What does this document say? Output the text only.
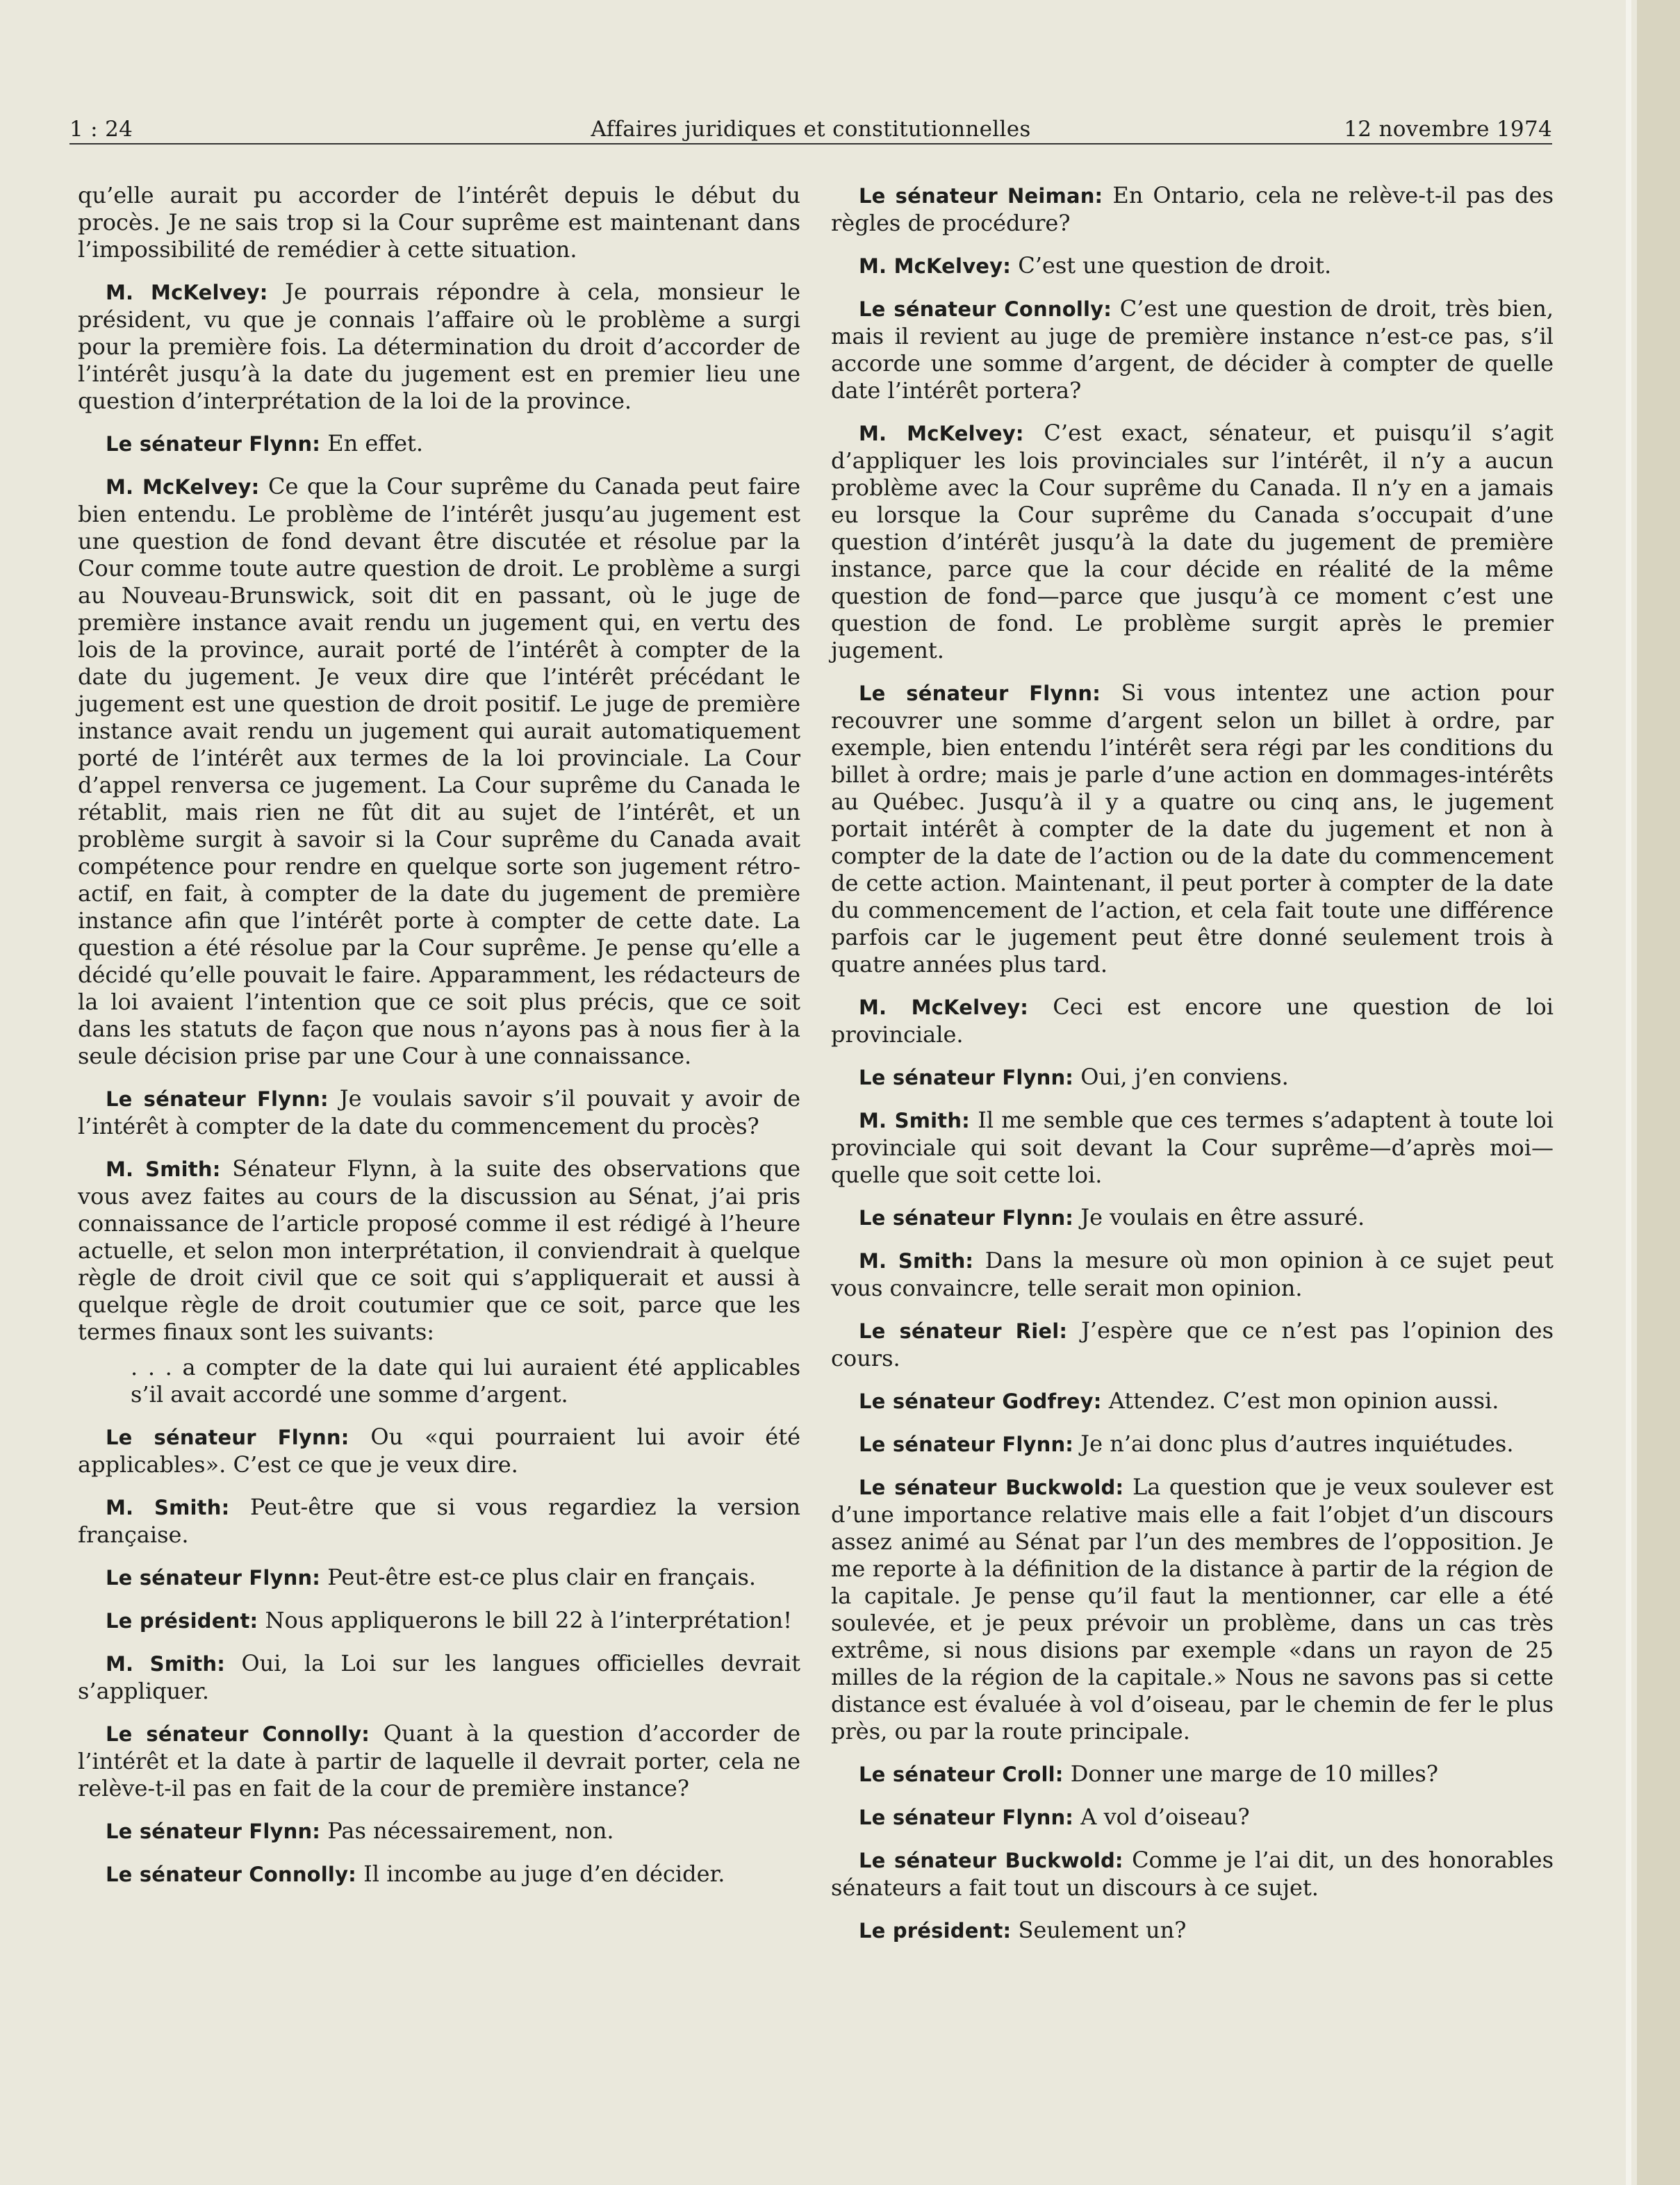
1 : 24	Affaires juridiques et constitutionnelles	12 novembre 1974

qu’elle aurait pu accorder de l’intérêt depuis le début du procès. Je ne sais trop si la Cour suprême est maintenant dans l’impossibilité de remédier à cette situation.

M. McKelvey: Je pourrais répondre à cela, monsieur le président, vu que je connais l’affaire où le problème a surgi pour la première fois. La détermination du droit d’accorder de l’intérêt jusqu’à la date du jugement est en premier lieu une question d’interprétation de la loi de la province.

Le sénateur Flynn: En effet.

M. McKelvey: Ce que la Cour suprême du Canada peut faire bien entendu. Le problème de l’intérêt jusqu’au jugement est une question de fond devant être discutée et résolue par la Cour comme toute autre question de droit. Le problème a surgi au Nouveau-Brunswick, soit dit en passant, où le juge de première instance avait rendu un jugement qui, en vertu des lois de la province, aurait porté de l’intérêt à compter de la date du jugement. Je veux dire que l’intérêt précédant le jugement est une question de droit positif. Le juge de première instance avait rendu un jugement qui aurait automatiquement porté de l’intérêt aux termes de la loi provinciale. La Cour d’appel renversa ce jugement. La Cour suprême du Canada le rétablit, mais rien ne fût dit au sujet de l’intérêt, et un problème surgit à savoir si la Cour suprême du Canada avait compétence pour rendre en quelque sorte son jugement rétro-actif, en fait, à compter de la date du jugement de première instance afin que l’intérêt porte à compter de cette date. La question a été résolue par la Cour suprême. Je pense qu’elle a décidé qu’elle pouvait le faire. Apparamment, les rédacteurs de la loi avaient l’intention que ce soit plus précis, que ce soit dans les statuts de façon que nous n’ayons pas à nous fier à la seule décision prise par une Cour à une connaissance.

Le sénateur Flynn: Je voulais savoir s’il pouvait y avoir de l’intérêt à compter de la date du commencement du procès?

M. Smith: Sénateur Flynn, à la suite des observations que vous avez faites au cours de la discussion au Sénat, j’ai pris connaissance de l’article proposé comme il est rédigé à l’heure actuelle, et selon mon interprétation, il conviendrait à quelque règle de droit civil que ce soit qui s’appliquerait et aussi à quelque règle de droit coutumier que ce soit, parce que les termes finaux sont les suivants:

. . . a compter de la date qui lui auraient été applicables s’il avait accordé une somme d’argent.

Le sénateur Flynn: Ou «qui pourraient lui avoir été applicables». C’est ce que je veux dire.

M. Smith: Peut-être que si vous regardiez la version française.

Le sénateur Flynn: Peut-être est-ce plus clair en français.

Le président: Nous appliquerons le bill 22 à l’interprétation!

M. Smith: Oui, la Loi sur les langues officielles devrait s’appliquer.

Le sénateur Connolly: Quant à la question d’accorder de l’intérêt et la date à partir de laquelle il devrait porter, cela ne relève-t-il pas en fait de la cour de première instance?

Le sénateur Flynn: Pas nécessairement, non.

Le sénateur Connolly: Il incombe au juge d’en décider.

Le sénateur Neiman: En Ontario, cela ne relève-t-il pas des règles de procédure?

M. McKelvey: C’est une question de droit.

Le sénateur Connolly: C’est une question de droit, très bien, mais il revient au juge de première instance n’est-ce pas, s’il accorde une somme d’argent, de décider à compter de quelle date l’intérêt portera?

M. McKelvey: C’est exact, sénateur, et puisqu’il s’agit d’appliquer les lois provinciales sur l’intérêt, il n’y a aucun problème avec la Cour suprême du Canada. Il n’y en a jamais eu lorsque la Cour suprême du Canada s’occupait d’une question d’intérêt jusqu’à la date du jugement de première instance, parce que la cour décide en réalité de la même question de fond—parce que jusqu’à ce moment c’est une question de fond. Le problème surgit après le premier jugement.

Le sénateur Flynn: Si vous intentez une action pour recouvrer une somme d’argent selon un billet à ordre, par exemple, bien entendu l’intérêt sera régi par les conditions du billet à ordre; mais je parle d’une action en dommages-intérêts au Québec. Jusqu’à il y a quatre ou cinq ans, le jugement portait intérêt à compter de la date du jugement et non à compter de la date de l’action ou de la date du commencement de cette action. Maintenant, il peut porter à compter de la date du commencement de l’action, et cela fait toute une différence parfois car le jugement peut être donné seulement trois à quatre années plus tard.

M. McKelvey: Ceci est encore une question de loi provinciale.

Le sénateur Flynn: Oui, j’en conviens.

M. Smith: Il me semble que ces termes s’adaptent à toute loi provinciale qui soit devant la Cour suprême—d’après moi—quelle que soit cette loi.

Le sénateur Flynn: Je voulais en être assuré.

M. Smith: Dans la mesure où mon opinion à ce sujet peut vous convaincre, telle serait mon opinion.

Le sénateur Riel: J’espère que ce n’est pas l’opinion des cours.

Le sénateur Godfrey: Attendez. C’est mon opinion aussi.

Le sénateur Flynn: Je n’ai donc plus d’autres inquiétudes.

Le sénateur Buckwold: La question que je veux soulever est d’une importance relative mais elle a fait l’objet d’un discours assez animé au Sénat par l’un des membres de l’opposition. Je me reporte à la définition de la distance à partir de la région de la capitale. Je pense qu’il faut la mentionner, car elle a été soulevée, et je peux prévoir un problème, dans un cas très extrême, si nous disions par exemple «dans un rayon de 25 milles de la région de la capitale.» Nous ne savons pas si cette distance est évaluée à vol d’oiseau, par le chemin de fer le plus près, ou par la route principale.

Le sénateur Croll: Donner une marge de 10 milles?

Le sénateur Flynn: A vol d’oiseau?

Le sénateur Buckwold: Comme je l’ai dit, un des honorables sénateurs a fait tout un discours à ce sujet.

Le président: Seulement un?
